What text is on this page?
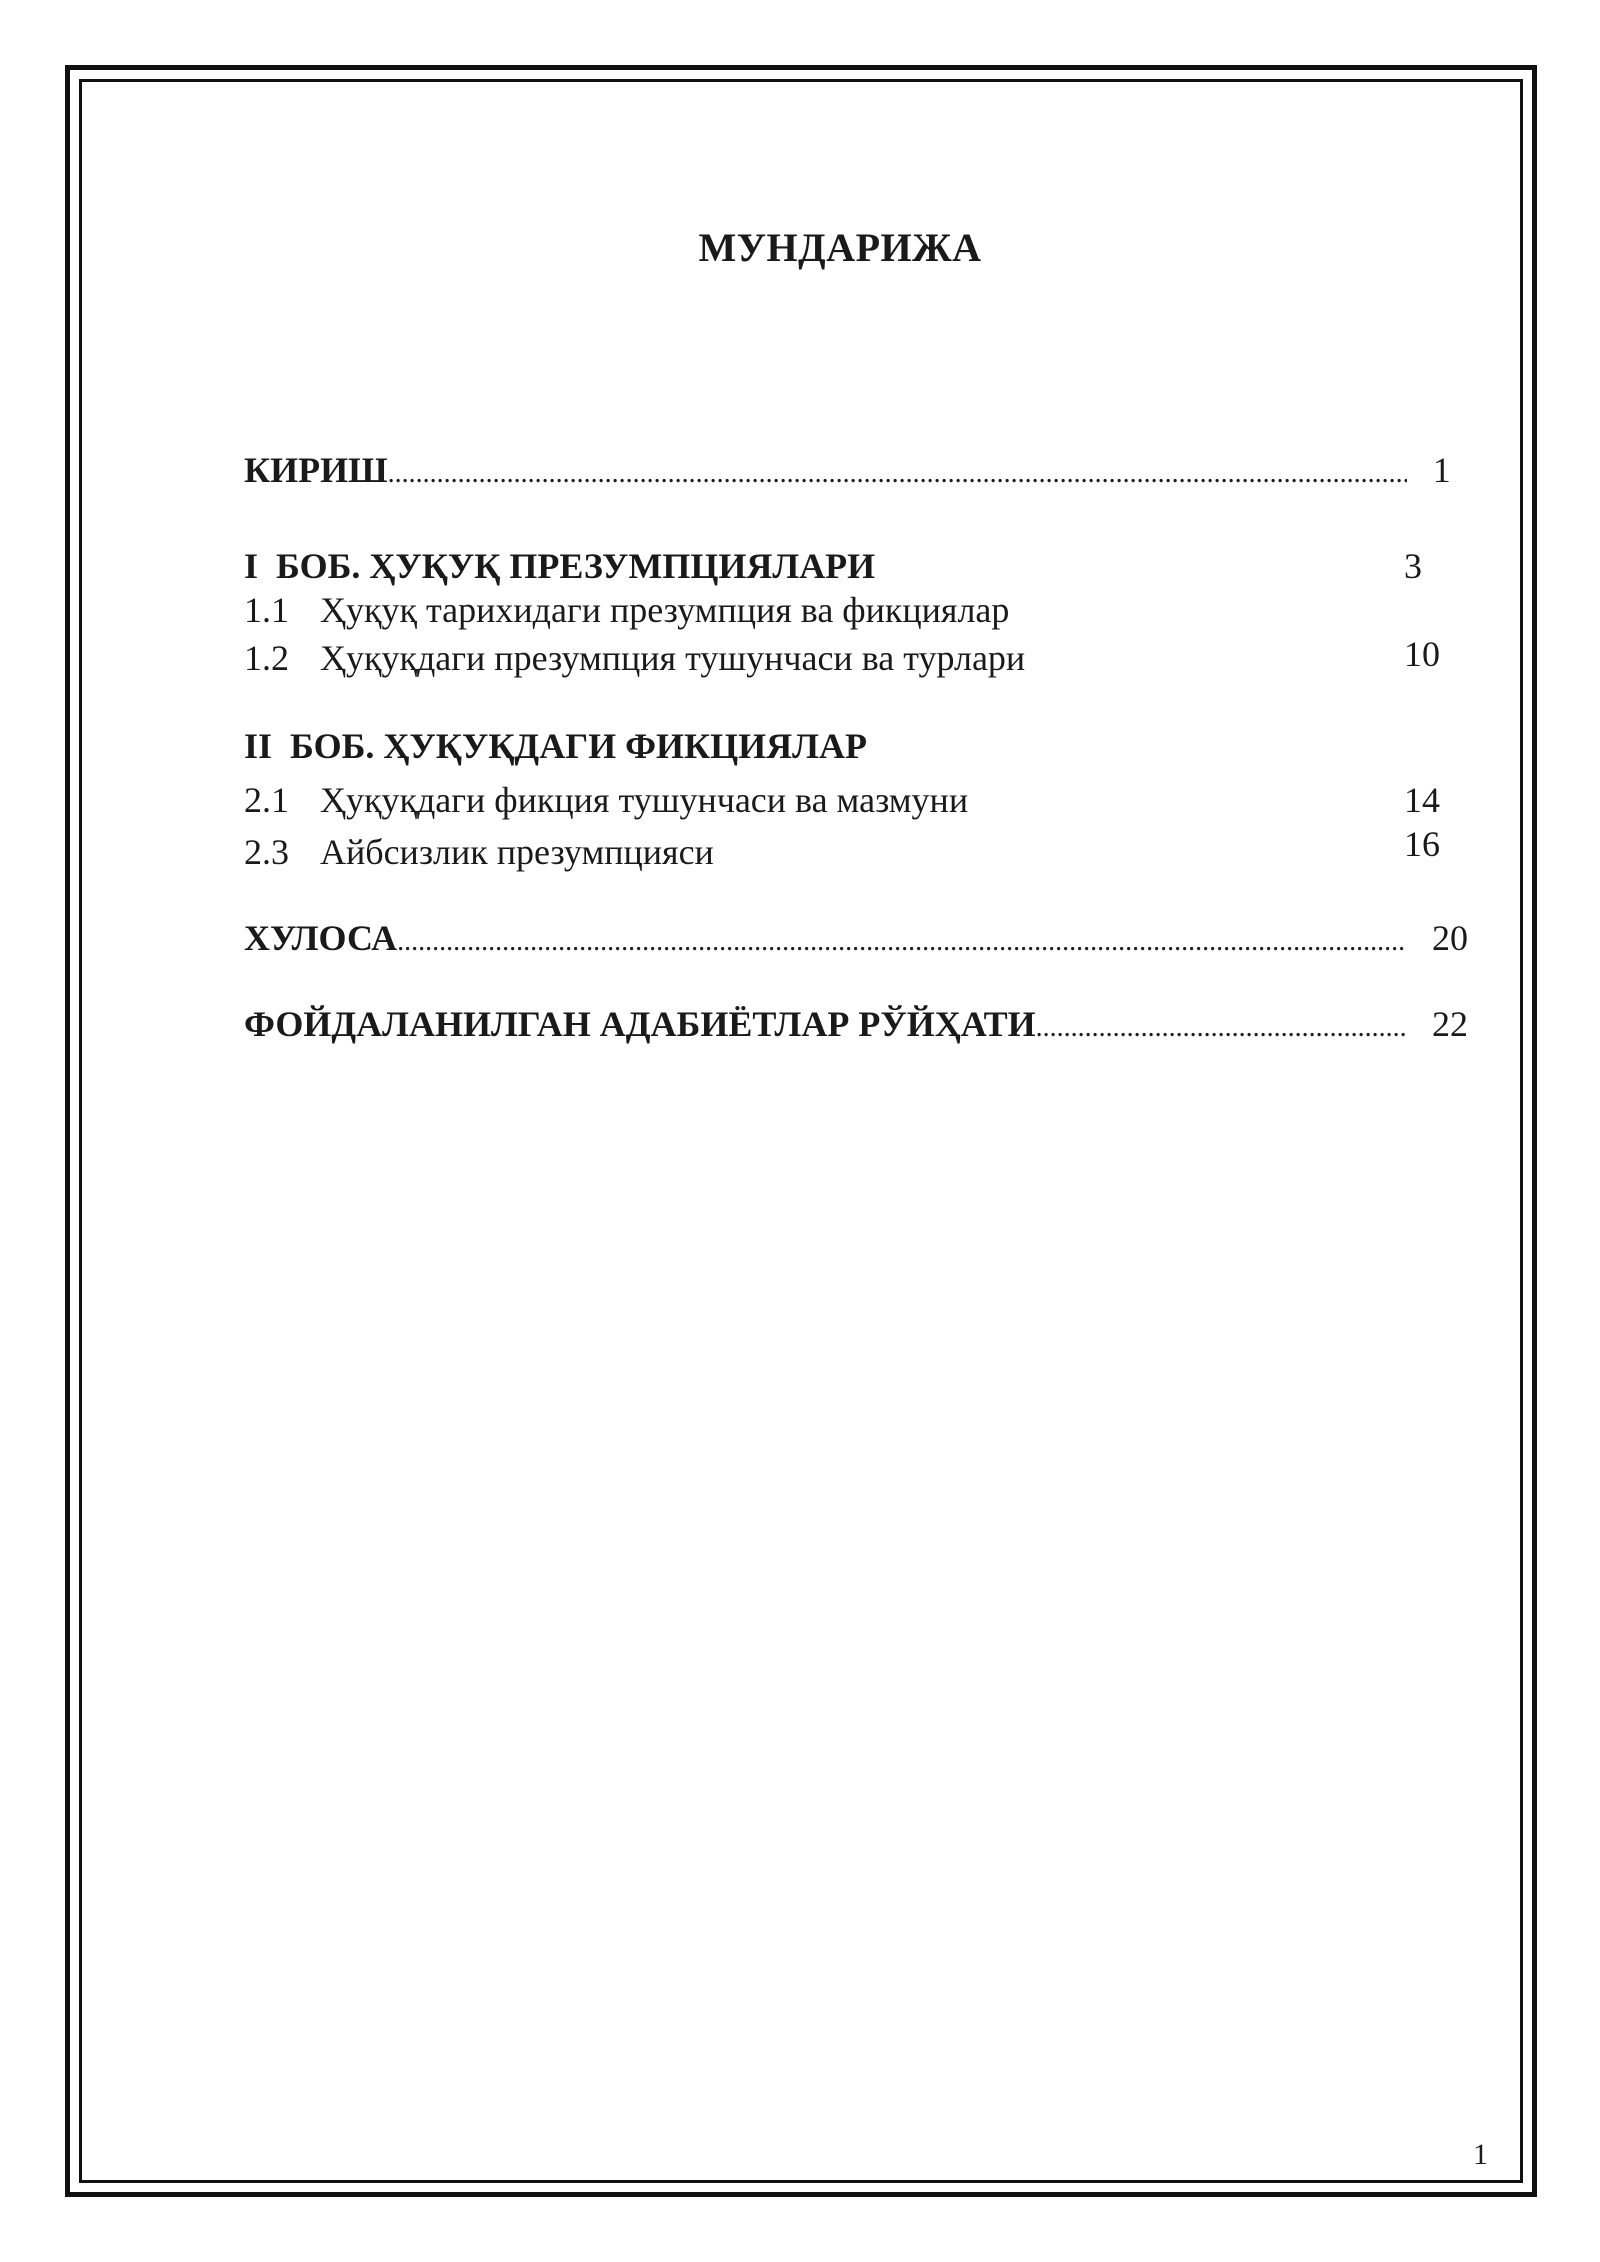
МУНДАРИЖА
КИРИШ .....	1
I  БОБ. ҲУҚУҚ ПРЕЗУМПЦИЯЛАРИ	3
1.1 Ҳуқуқ тарихидаги презумпция ва фикциялар
1.2 Ҳуқуқдаги презумпция тушунчаси ва турлари	10
II  БОБ. ҲУҚУҚДАГИ ФИКЦИЯЛАР
2.1 Ҳуқуқдаги фикция тушунчаси ва мазмуни	14
2.3 Айбсизлик презумпцияси	16
ХУЛОСА .....	20
ФОЙДАЛАНИЛГАН АДАБИЁТЛАР РЎЙҲАТИ .....	22
1
